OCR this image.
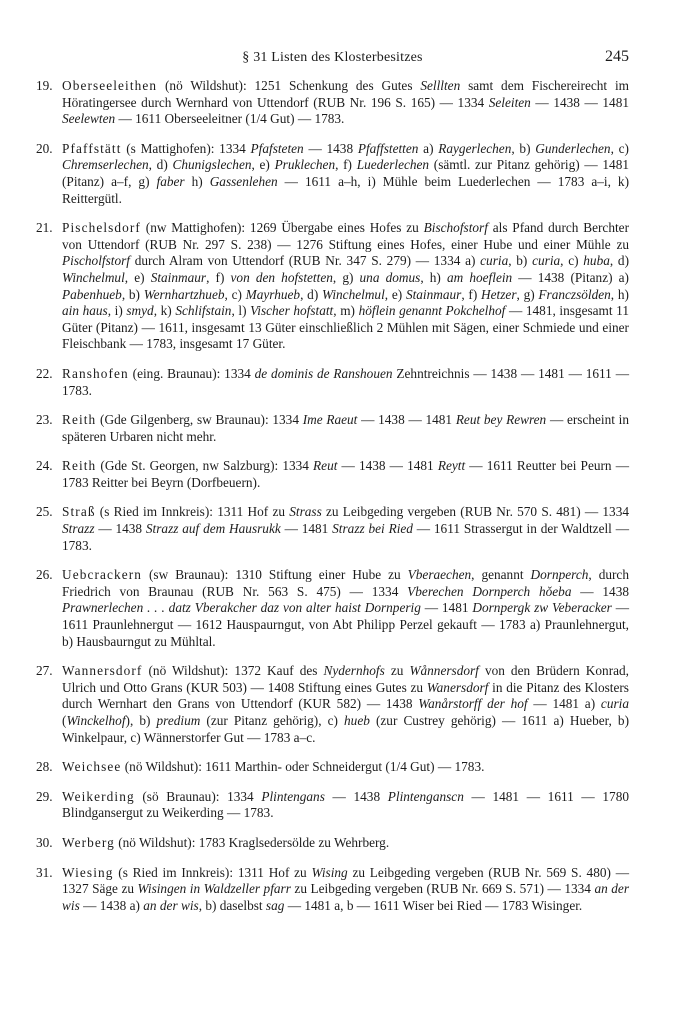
§ 31 Listen des Klosterbesitzes	245

19. Oberseeleithen (nö Wildshut): 1251 Schenkung des Gutes Selllten samt dem Fischereirecht im Höratingersee durch Wernhard von Uttendorf (RUB Nr. 196 S. 165) — 1334 Seleiten — 1438 — 1481 Seelewten — 1611 Oberseeleitner (1/4 Gut) — 1783.

20. Pfaffstätt (s Mattighofen): 1334 Pfafsteten — 1438 Pfaffstetten a) Raygerlechen, b) Gunderlechen, c) Chremserlechen, d) Chunigslechen, e) Pruklechen, f) Luederlechen (sämtl. zur Pitanz gehörig) — 1481 (Pitanz) a–f, g) faber h) Gassenlehen — 1611 a–h, i) Mühle beim Luederlechen — 1783 a–i, k) Reittergütl.

21. Pischelsdorf (nw Mattighofen): 1269 Übergabe eines Hofes zu Bischofstorf als Pfand durch Berchter von Uttendorf (RUB Nr. 297 S. 238) — 1276 Stiftung eines Hofes, einer Hube und einer Mühle zu Pischolfstorf durch Alram von Uttendorf (RUB Nr. 347 S. 279) — 1334 a) curia, b) curia, c) huba, d) Winchelmul, e) Stainmaur, f) von den hofstetten, g) una domus, h) am hoeflein — 1438 (Pitanz) a) Pabenhueb, b) Wernhartzhueb, c) Mayrhueb, d) Winchelmul, e) Stainmaur, f) Hetzer, g) Franczsölden, h) ain haus, i) smyd, k) Schlifstain, l) Vischer hofstatt, m) höflein genannt Pokchelhof — 1481, insgesamt 11 Güter (Pitanz) — 1611, insgesamt 13 Güter einschließlich 2 Mühlen mit Sägen, einer Schmiede und einer Fleischbank — 1783, insgesamt 17 Güter.

22. Ranshofen (eing. Braunau): 1334 de dominis de Ranshouen Zehntreichnis — 1438 — 1481 — 1611 — 1783.

23. Reith (Gde Gilgenberg, sw Braunau): 1334 Ime Raeut — 1438 — 1481 Reut bey Rewren — erscheint in späteren Urbaren nicht mehr.

24. Reith (Gde St. Georgen, nw Salzburg): 1334 Reut — 1438 — 1481 Reytt — 1611 Reutter bei Peurn — 1783 Reitter bei Beyrn (Dorfbeuern).

25. Straß (s Ried im Innkreis): 1311 Hof zu Strass zu Leibgeding vergeben (RUB Nr. 570 S. 481) — 1334 Strazz — 1438 Strazz auf dem Hausrukk — 1481 Strazz bei Ried — 1611 Strassergut in der Waldtzell — 1783.

26. Uebcrackern (sw Braunau): 1310 Stiftung einer Hube zu Vberaechen, genannt Dornperch, durch Friedrich von Braunau (RUB Nr. 563 S. 475) — 1334 Vberechen Dornperch hǒeba — 1438 Prawnerlechen . . . datz Vberakcher daz von alter haist Dornperig — 1481 Dornpergk zw Veberacker — 1611 Praunlehnergut — 1612 Hauspaurngut, von Abt Philipp Perzel gekauft — 1783 a) Praunlehnergut, b) Hausbaurngut zu Mühltal.

27. Wannersdorf (nö Wildshut): 1372 Kauf des Nydernhofs zu Wånnersdorf von den Brüdern Konrad, Ulrich und Otto Grans (KUR 503) — 1408 Stiftung eines Gutes zu Wanersdorf in die Pitanz des Klosters durch Wernhart den Grans von Uttendorf (KUR 582) — 1438 Wanårstorff der hof — 1481 a) curia (Winckelhof), b) predium (zur Pitanz gehörig), c) hueb (zur Custrey gehörig) — 1611 a) Hueber, b) Winkelpaur, c) Wännerstorfer Gut — 1783 a–c.

28. Weichsee (nö Wildshut): 1611 Marthin- oder Schneidergut (1/4 Gut) — 1783.

29. Weikerding (sö Braunau): 1334 Plintengans — 1438 Plintenganscn — 1481 — 1611 — 1780 Blindgansergut zu Weikerding — 1783.

30. Werberg (nö Wildshut): 1783 Kraglsedersölde zu Wehrberg.

31. Wiesing (s Ried im Innkreis): 1311 Hof zu Wising zu Leibgeding vergeben (RUB Nr. 569 S. 480) — 1327 Säge zu Wisingen in Waldzeller pfarr zu Leibgeding vergeben (RUB Nr. 669 S. 571) — 1334 an der wis — 1438 a) an der wis, b) daselbst sag — 1481 a, b — 1611 Wiser bei Ried — 1783 Wisinger.
